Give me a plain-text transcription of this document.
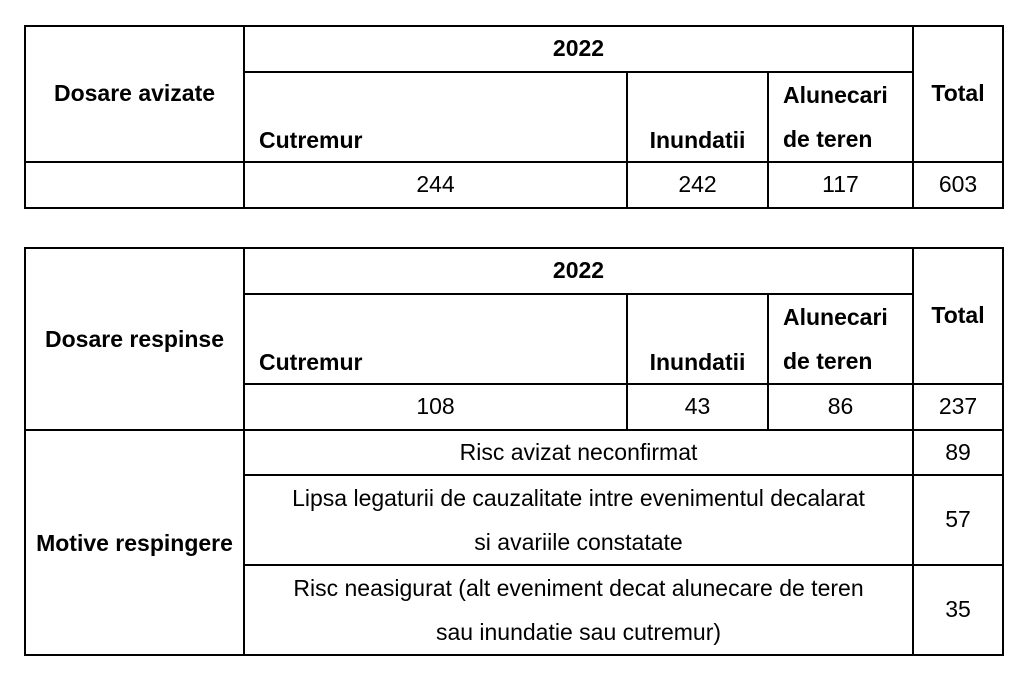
Dosare avizate	2022			Total
	Cutremur	Inundatii	Alunecari de teren	
	244	242	117	603
Dosare respinse	2022			Total
	Cutremur	Inundatii	Alunecari de teren	
	108	43	86	237
Motive respingere	Risc avizat neconfirmat			89
	Lipsa legaturii de cauzalitate intre evenimentul decalarat si avariile constatate			57
	Risc neasigurat (alt eveniment decat alunecare de teren sau inundatie sau cutremur)			35
